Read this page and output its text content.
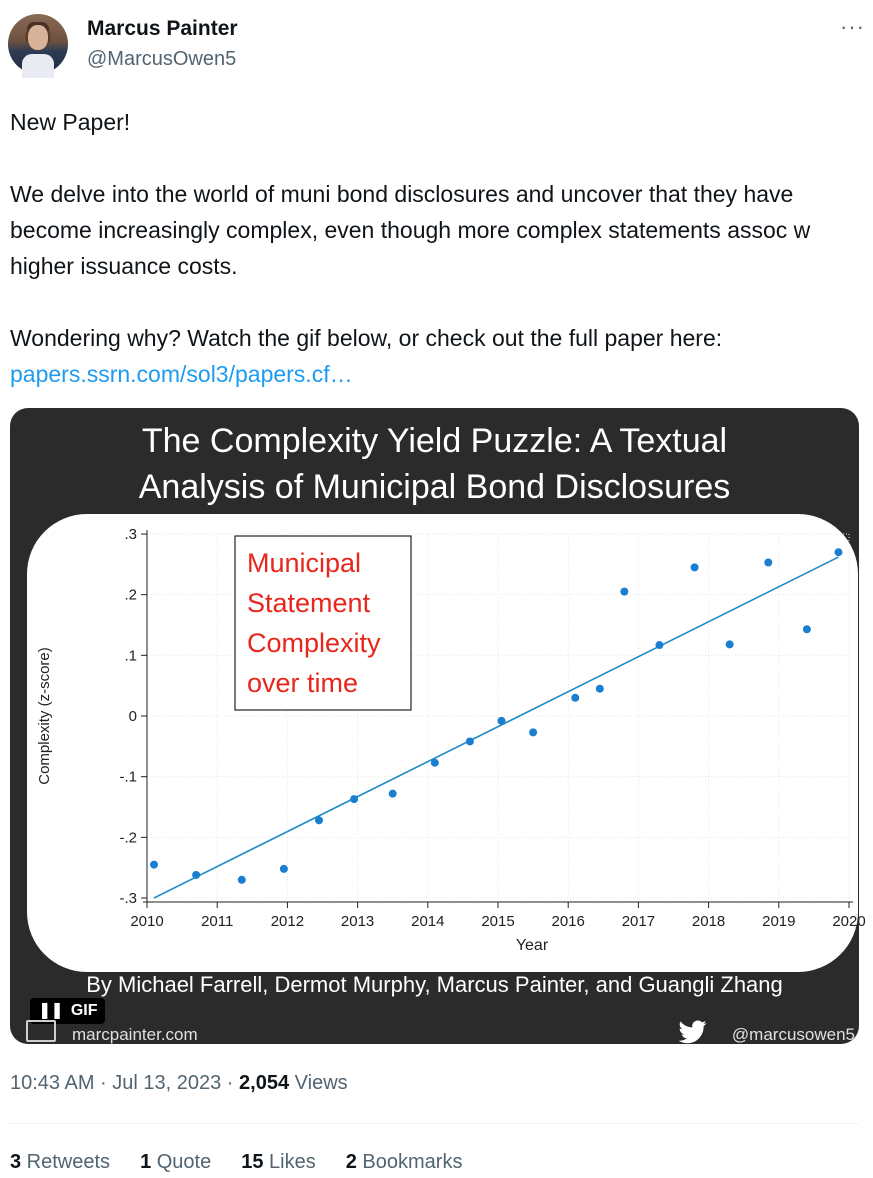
Marcus Painter
@MarcusOwen5
···

New Paper!

We delve into the world of muni bond disclosures and uncover that they have become increasingly complex, even though more complex statements assoc w higher issuance costs.

Wondering why? Watch the gif below, or check out the full paper here:

papers.ssrn.com/sol3/papers.cf…

The Complexity Yield Puzzle: A Textual
Analysis of Municipal Bond Disclosures
.3
.2
.1
0
-.1
-.2
-.3
2010 2011 2012 2013 2014 2015 2016 2017 2018 2019 2020
Year
Complexity (z-score)
Municipal
Statement
Complexity
over time
By Michael Farrell, Dermot Murphy, Marcus Painter, and Guangli Zhang
❚❚ GIF
marcpainter.com	@marcusowen5
10:43 AM · Jul 13, 2023 · 2,054 Views
3 Retweets 1 Quote 15 Likes 2 Bookmarks
